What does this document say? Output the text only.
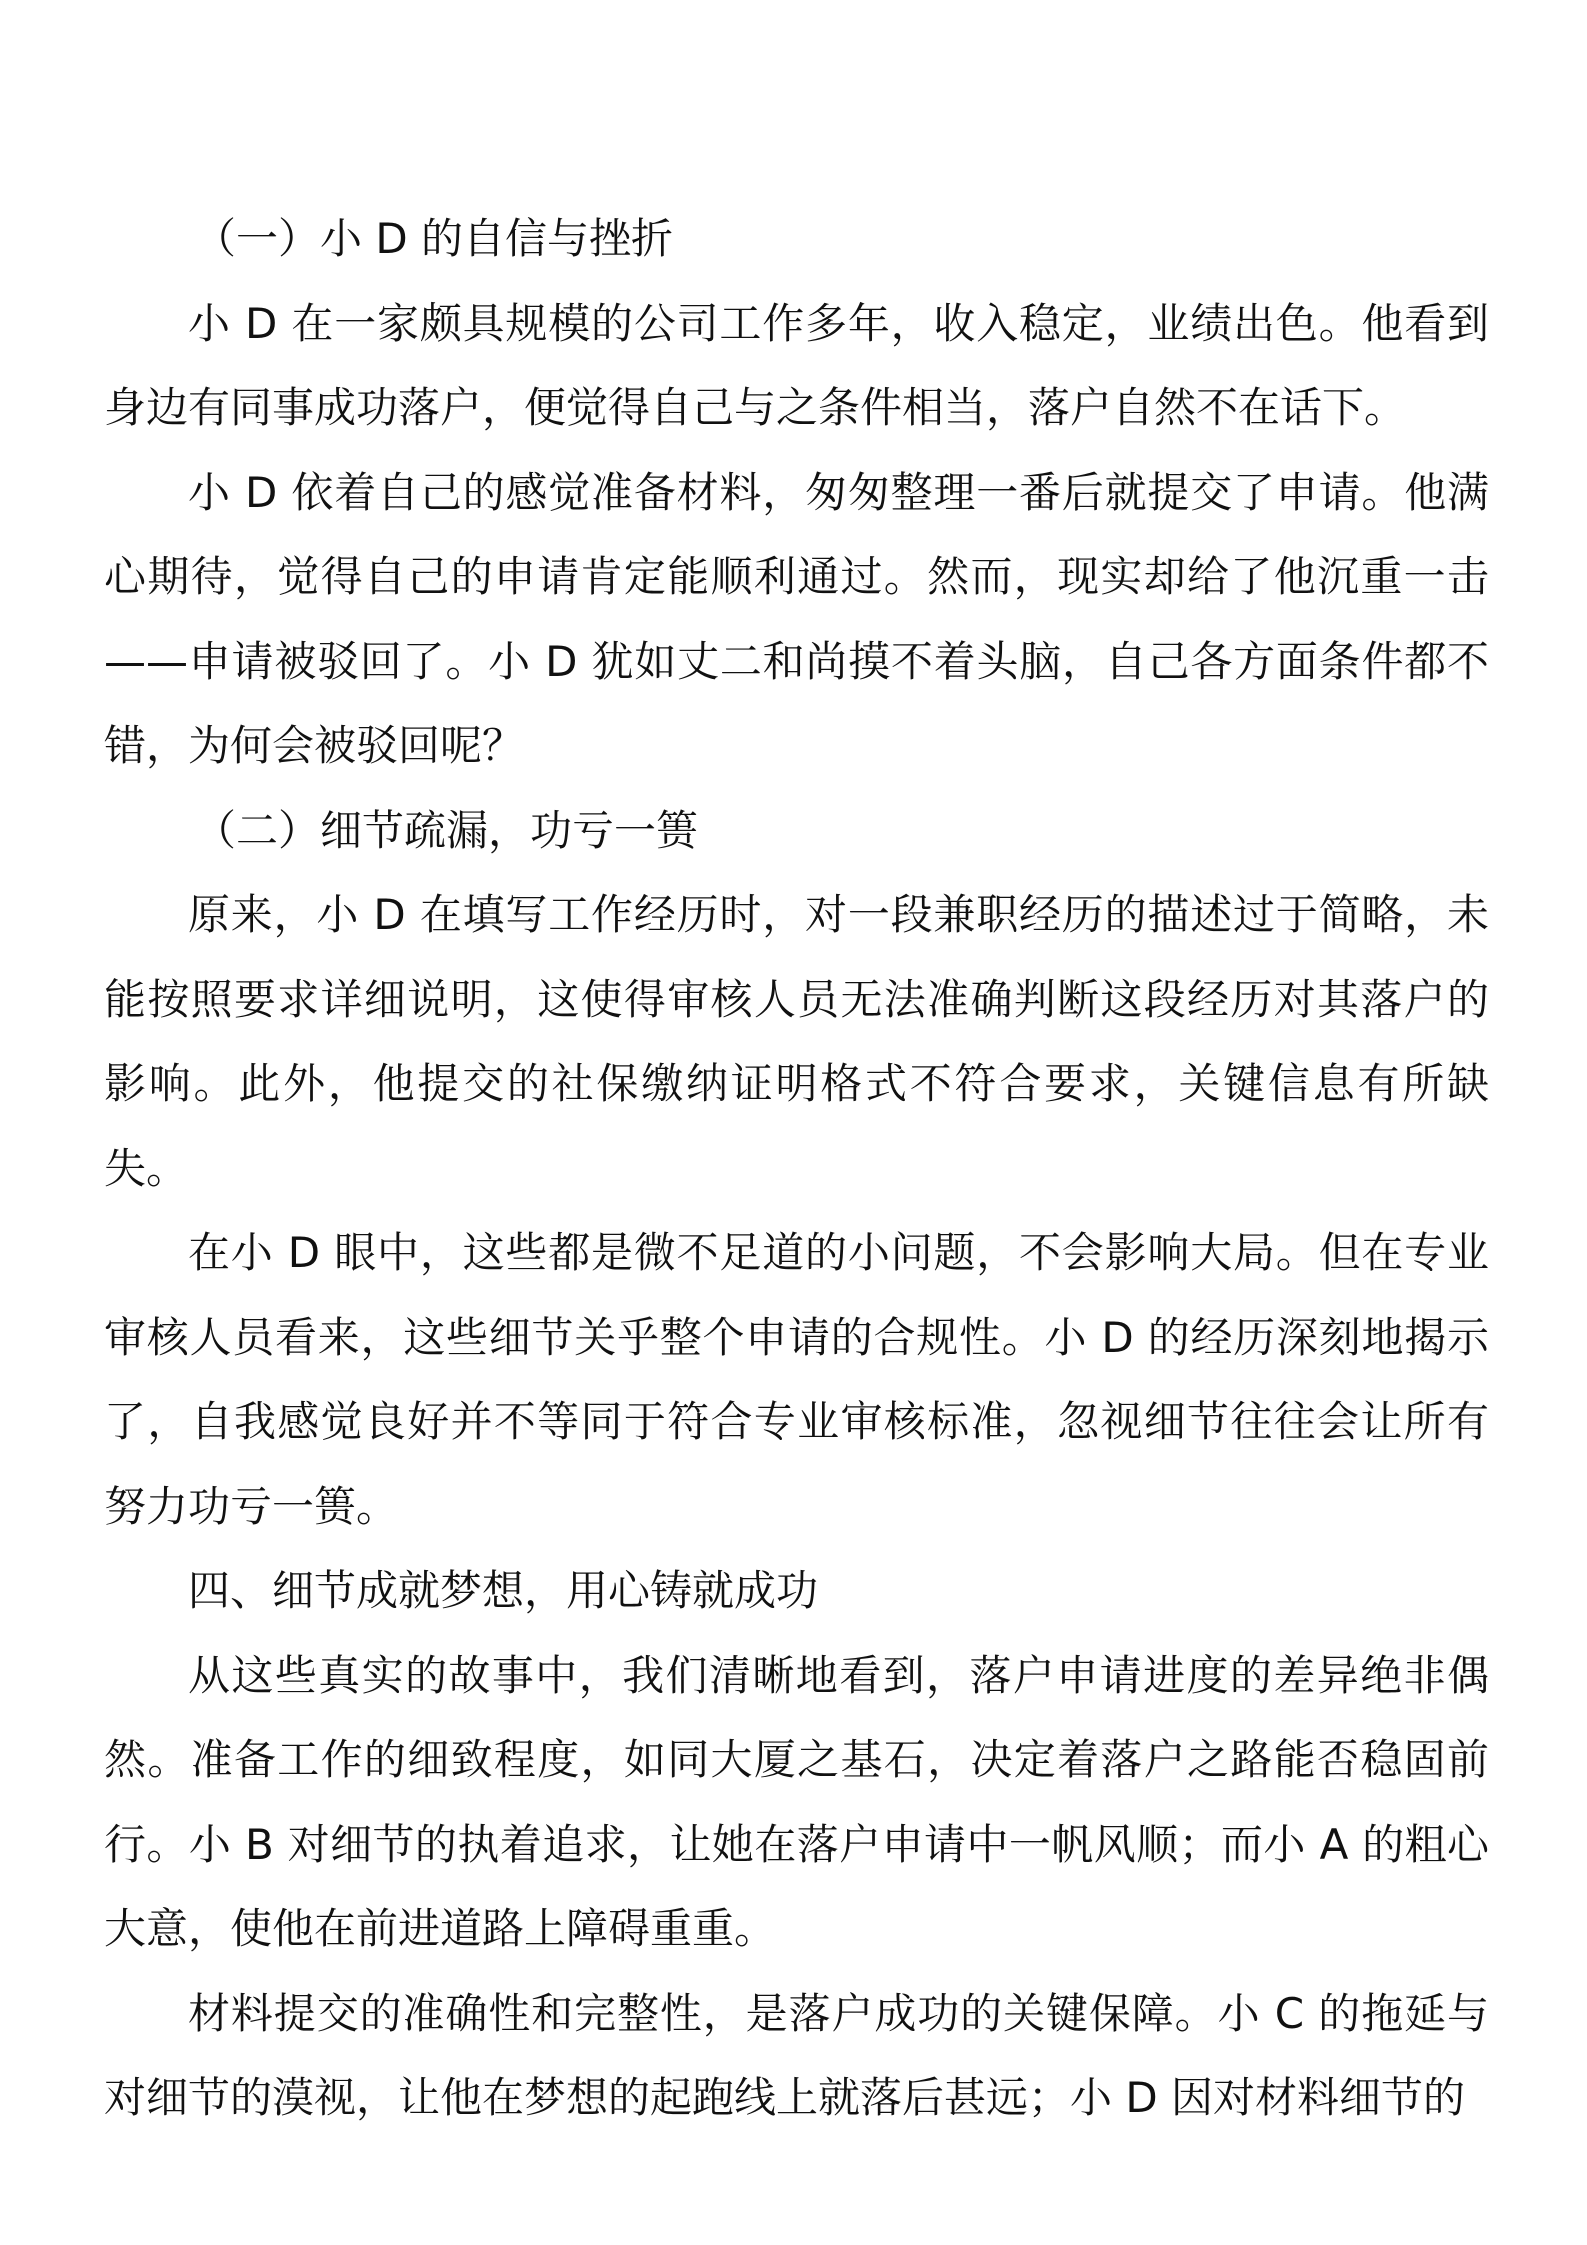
（一）小 D 的自信与挫折

小 D 在一家颇具规模的公司工作多年，收入稳定，业绩出色。他看到身边有同事成功落户，便觉得自己与之条件相当，落户自然不在话下。

小 D 依着自己的感觉准备材料，匆匆整理一番后就提交了申请。他满心期待，觉得自己的申请肯定能顺利通过。然而，现实却给了他沉重一击——申请被驳回了。小 D 犹如丈二和尚摸不着头脑，自己各方面条件都不错，为何会被驳回呢？

（二）细节疏漏，功亏一篑

原来，小 D 在填写工作经历时，对一段兼职经历的描述过于简略，未能按照要求详细说明，这使得审核人员无法准确判断这段经历对其落户的影响。此外，他提交的社保缴纳证明格式不符合要求，关键信息有所缺失。

在小 D 眼中，这些都是微不足道的小问题，不会影响大局。但在专业审核人员看来，这些细节关乎整个申请的合规性。小 D 的经历深刻地揭示了，自我感觉良好并不等同于符合专业审核标准，忽视细节往往会让所有努力功亏一篑。

四、细节成就梦想，用心铸就成功

从这些真实的故事中，我们清晰地看到，落户申请进度的差异绝非偶然。准备工作的细致程度，如同大厦之基石，决定着落户之路能否稳固前行。小 B 对细节的执着追求，让她在落户申请中一帆风顺；而小 A 的粗心大意，使他在前进道路上障碍重重。

材料提交的准确性和完整性，是落户成功的关键保障。小 C 的拖延与对细节的漠视，让他在梦想的起跑线上就落后甚远；小 D 因对材料细节的
